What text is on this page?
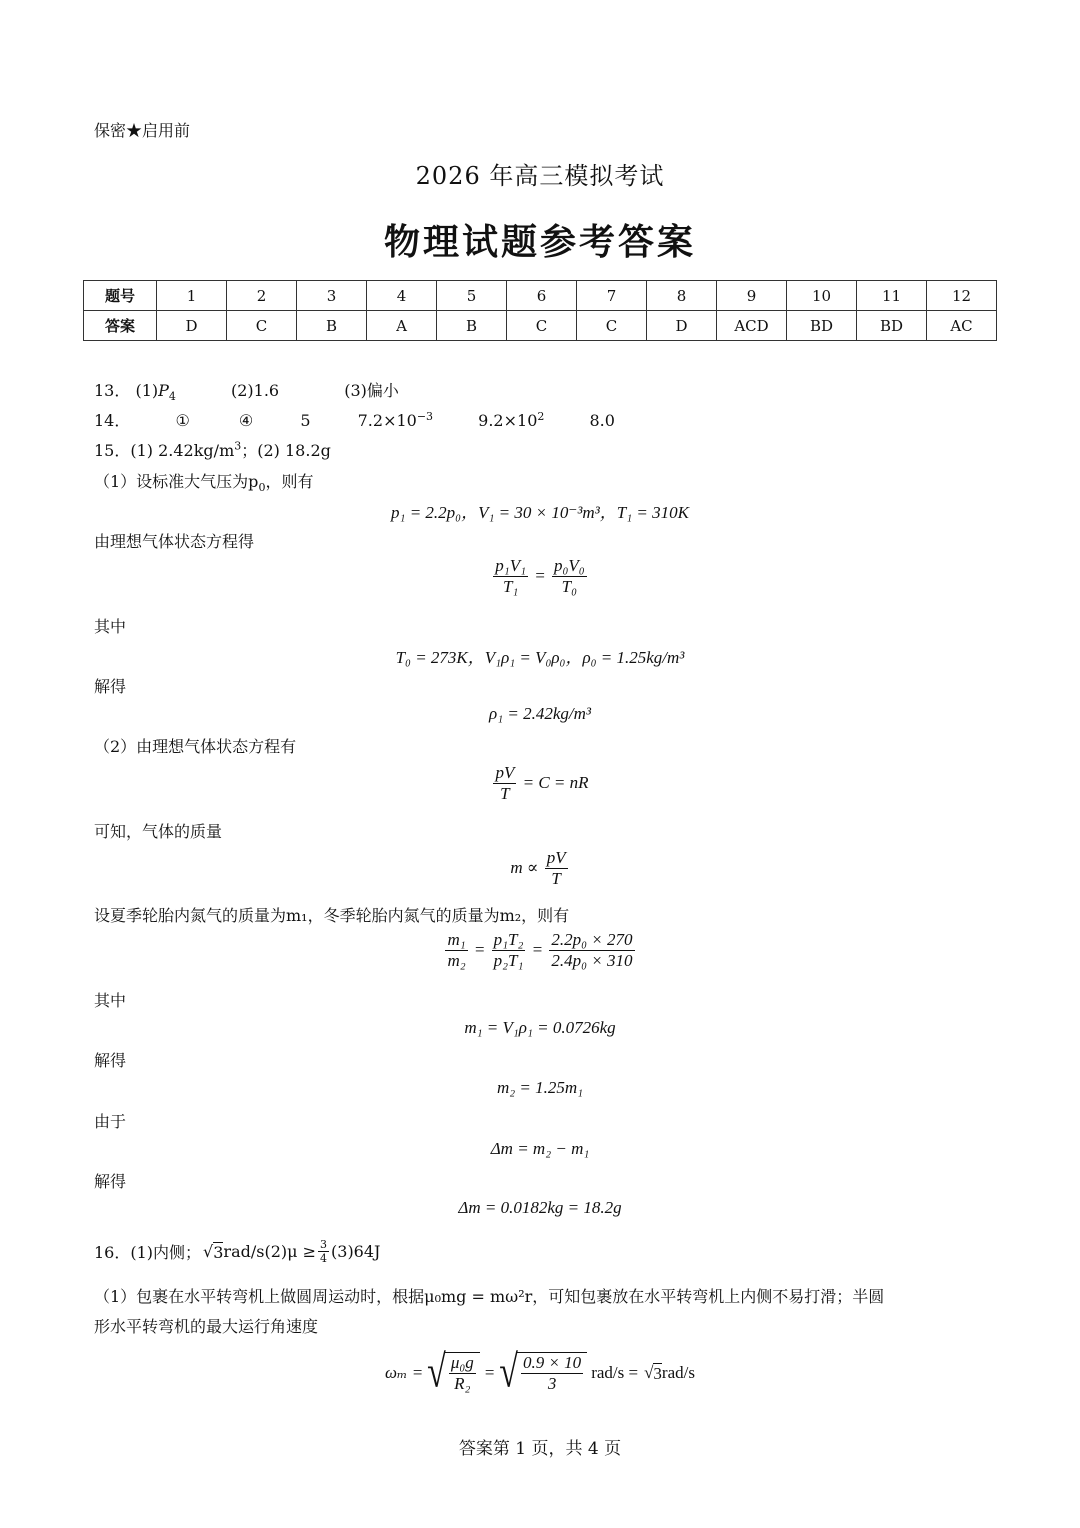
保密★启用前
2026 年高三模拟考试
物理试题参考答案
题号	1	2	3	4	5	6	7	8	9	10	11	12
答案	D	C	B	A	B	C	C	D	ACD	BD	BD	AC
13． $(1)P_4$	(2)1.6	(3)偏小
14．	①	④	5	$7.2\times 10^{-3}$	$9.2\times 10^2$	8.0
15．(1) $2.42kg/m^3$；(2) 18.2g
（1）设标准大气压为$p_0$，则有
p₁ = 2.2p₀，V₁ = 30 × 10⁻³m³，T₁ = 310K
由理想气体状态方程得
$\frac{\text{p₁V₁}}{\text{T₁}} = \frac{\text{p₀V₀}}{\text{T₀}}$
其中
T₀ = 273K，V₁ρ₁ = V₀ρ₀，ρ₀ = 1.25kg/m³
解得
ρ₁ = 2.42kg/m³
（2）由理想气体状态方程有
$\frac{pV}{T} = C$ = nR
可知，气体的质量
$m \propto \frac{pV}{T}$
设夏季轮胎内氮气的质量为m₁，冬季轮胎内氮气的质量为m₂，则有
$\frac{\text{m₁}}{\text{m₂}} = \frac{\text{p₁T₂}}{\text{p₂T₁}} = \frac{\text{2.2p₀ × 270}}{\text{2.4p₀ × 310}}$
其中
m₁ = V₁ρ₁ = 0.0726kg
解得
m₂ = 1.25m₁
由于
Δm = m₂ − m₁
解得
Δm = 0.0182kg = 18.2g
16．(1)内侧； √ 3 $rad/s(2)\mu \ge \frac{3}{4} (3)64J$
（1）包裹在水平转弯机上做圆周运动时，根据μ₀mg = mω²r，可知包裹放在水平转弯机上内侧不易打滑；半圆
形水平转弯机的最大运行角速度
ωₘ = √ $\frac{\text{μ₀g}}{\text{R₂}}$ = √ $\frac{0.9 \times 10}{3} rad/s$ = √ 3 rad/s
答案第 1 页，共 4 页
